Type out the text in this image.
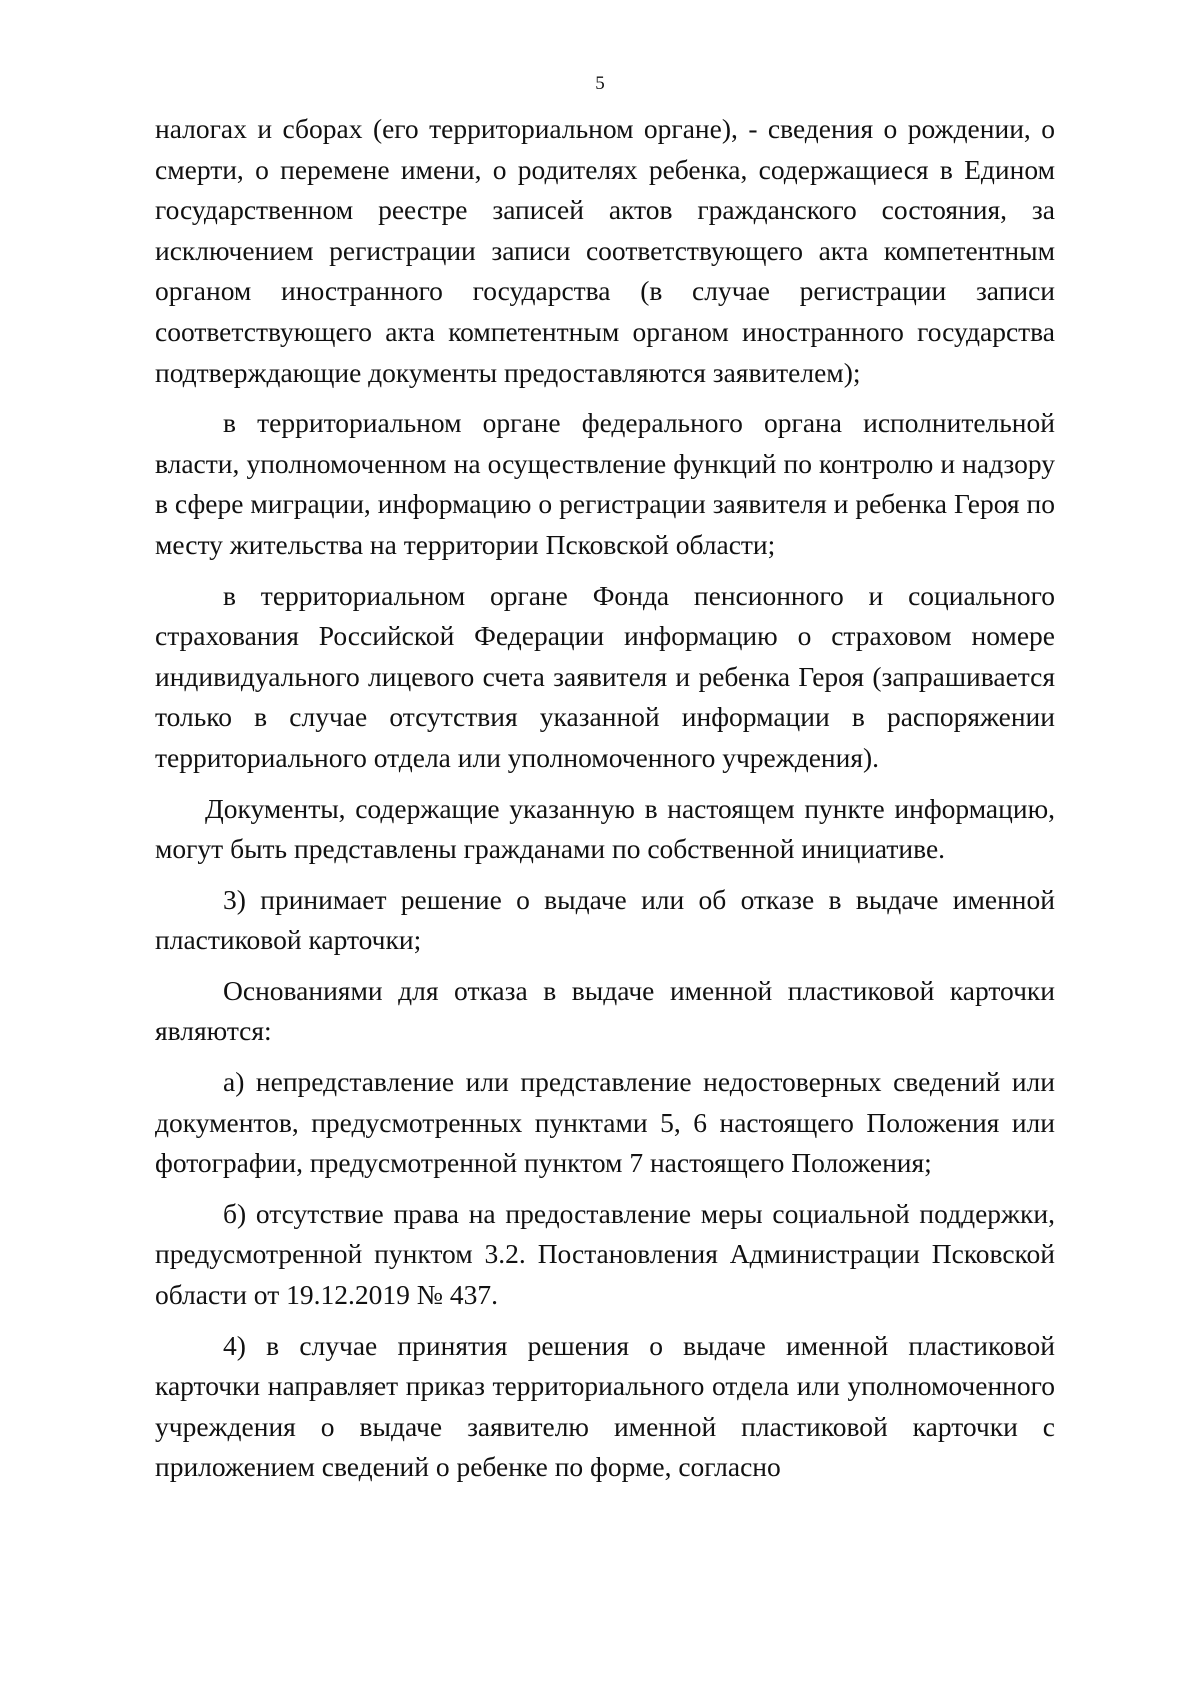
5

налогах и сборах (его территориальном органе), - сведения о рождении, о смерти, о перемене имени, о родителях ребенка, содержащиеся в Едином государственном реестре записей актов гражданского состояния, за исключением регистрации записи соответствующего акта компетентным органом иностранного государства (в случае регистрации записи соответствующего акта компетентным органом иностранного государства подтверждающие документы предоставляются заявителем);

в территориальном органе федерального органа исполнительной власти, уполномоченном на осуществление функций по контролю и надзору в сфере миграции, информацию о регистрации заявителя и ребенка Героя по месту жительства на территории Псковской области;

в территориальном органе Фонда пенсионного и социального страхования Российской Федерации информацию о страховом номере индивидуального лицевого счета заявителя и ребенка Героя (запрашивается только в случае отсутствия указанной информации в распоряжении территориального отдела или уполномоченного учреждения).

Документы, содержащие указанную в настоящем пункте информацию, могут быть представлены гражданами по собственной инициативе.

3) принимает решение о выдаче или об отказе в выдаче именной пластиковой карточки;

Основаниями для отказа в выдаче именной пластиковой карточки являются:

а) непредставление или представление недостоверных сведений или документов, предусмотренных пунктами 5, 6 настоящего Положения или фотографии, предусмотренной пунктом 7 настоящего Положения;

б) отсутствие права на предоставление меры социальной поддержки, предусмотренной пунктом 3.2. Постановления Администрации Псковской области от 19.12.2019 № 437.

4) в случае принятия решения о выдаче именной пластиковой карточки направляет приказ территориального отдела или уполномоченного учреждения о выдаче заявителю именной пластиковой карточки с приложением сведений о ребенке по форме, согласно
